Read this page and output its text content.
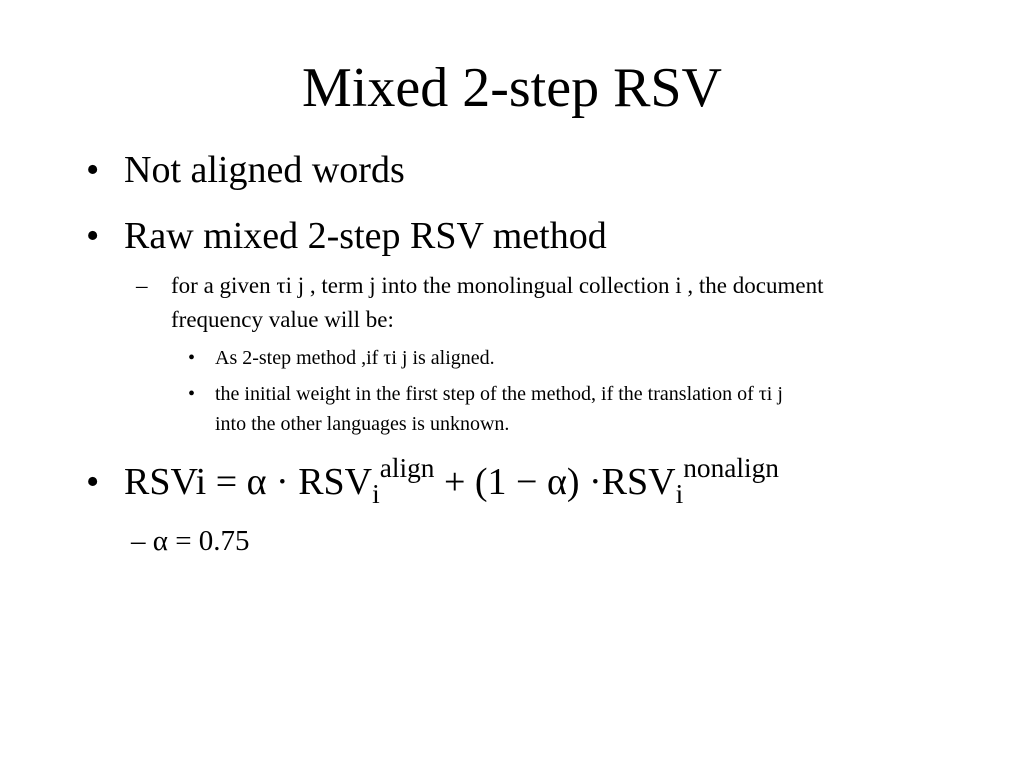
Mixed 2-step RSV
• Not aligned words
• Raw mixed 2-step RSV method
– for a given τi j , term j into the monolingual collection i , the document
frequency value will be:
• As 2-step method ,if τi j is aligned.
• the initial weight in the first step of the method, if the translation of τi j
into the other languages is unknown.
• RSVi = $\alpha \cdot RSV_i^{align} + (1 - \alpha) \cdot RSV_i^{nonalign}$
– α = 0.75
